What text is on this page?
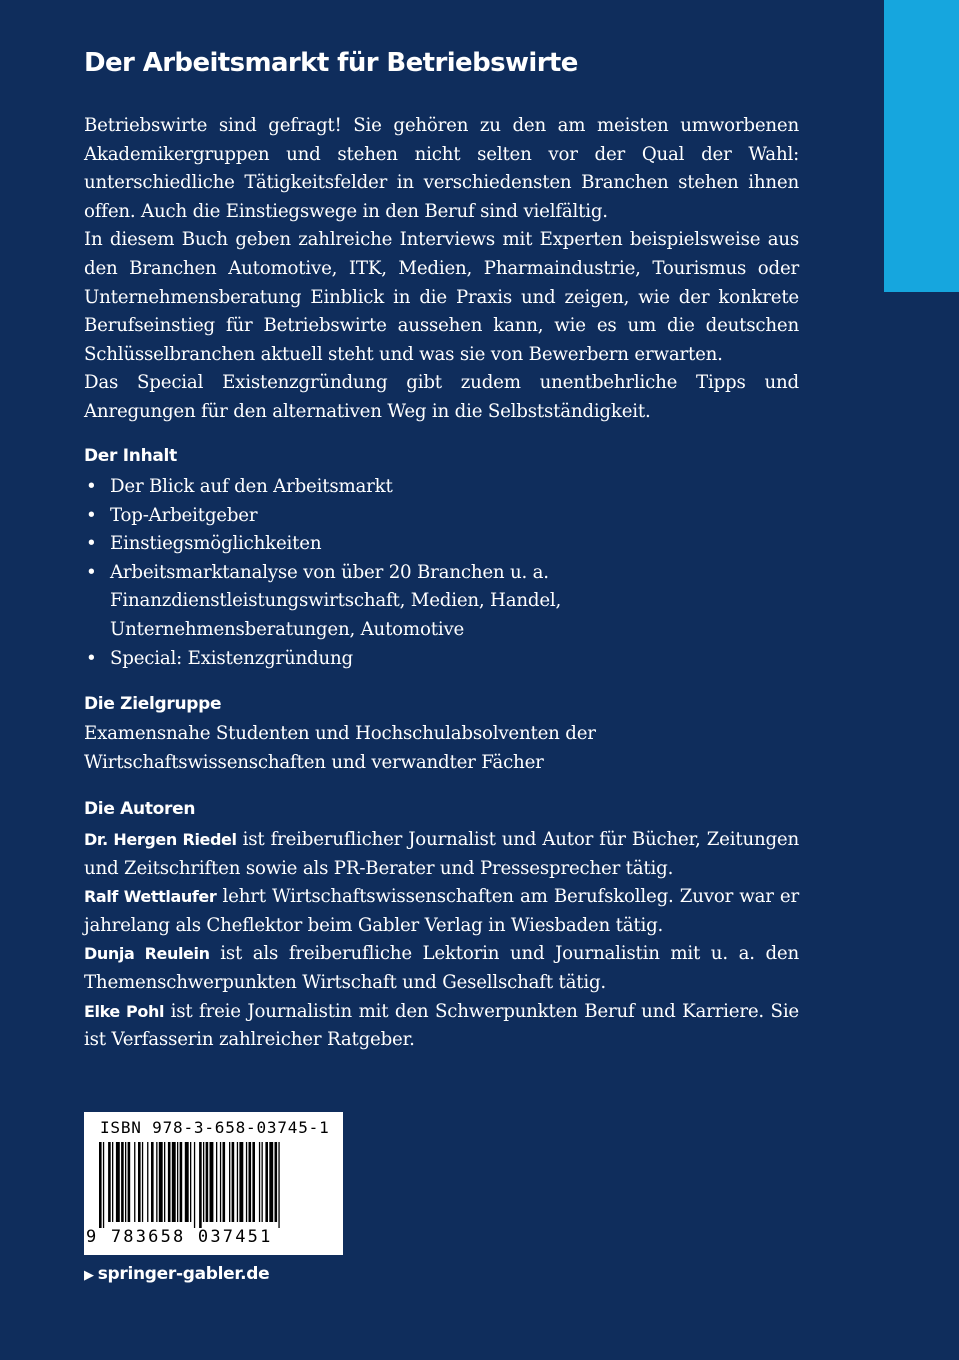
Der Arbeitsmarkt für Betriebswirte

Betriebswirte sind gefragt! Sie gehören zu den am meisten umworbenen Akademikergruppen und stehen nicht selten vor der Qual der Wahl: unterschiedliche Tätigkeitsfelder in verschiedensten Branchen stehen ihnen offen. Auch die Einstiegswege in den Beruf sind vielfältig.

In diesem Buch geben zahlreiche Interviews mit Experten beispielsweise aus den Branchen Automotive, ITK, Medien, Pharmaindustrie, Tourismus oder Unternehmensberatung Einblick in die Praxis und zeigen, wie der konkrete Berufseinstieg für Betriebswirte aussehen kann, wie es um die deutschen Schlüsselbranchen aktuell steht und was sie von Bewerbern erwarten.

Das Special Existenzgründung gibt zudem unentbehrliche Tipps und Anregungen für den alternativen Weg in die Selbstständigkeit.

Der Inhalt
• Der Blick auf den Arbeitsmarkt
• Top-Arbeitgeber
• Einstiegsmöglichkeiten
• Arbeitsmarktanalyse von über 20 Branchen u. a.
Finanzdienstleistungswirtschaft, Medien, Handel,
Unternehmensberatungen, Automotive
• Special: Existenzgründung
Die Zielgruppe

Examensnahe Studenten und Hochschulabsolventen der Wirtschaftswissenschaften und verwandter Fächer

Die Autoren

Dr. Hergen Riedel ist freiberuflicher Journalist und Autor für Bücher, Zeitungen und Zeitschriften sowie als PR-Berater und Pressesprecher tätig.

Ralf Wettlaufer lehrt Wirtschaftswissenschaften am Berufskolleg. Zuvor war er jahrelang als Cheflektor beim Gabler Verlag in Wiesbaden tätig.

Dunja Reulein ist als freiberufliche Lektorin und Journalistin mit u. a. den Themenschwerpunkten Wirtschaft und Gesellschaft tätig.

Elke Pohl ist freie Journalistin mit den Schwerpunkten Beruf und Karriere. Sie ist Verfasserin zahlreicher Ratgeber.

ISBN 978-3-658-03745-1

9 783658 037451

▶ springer-gabler.de
